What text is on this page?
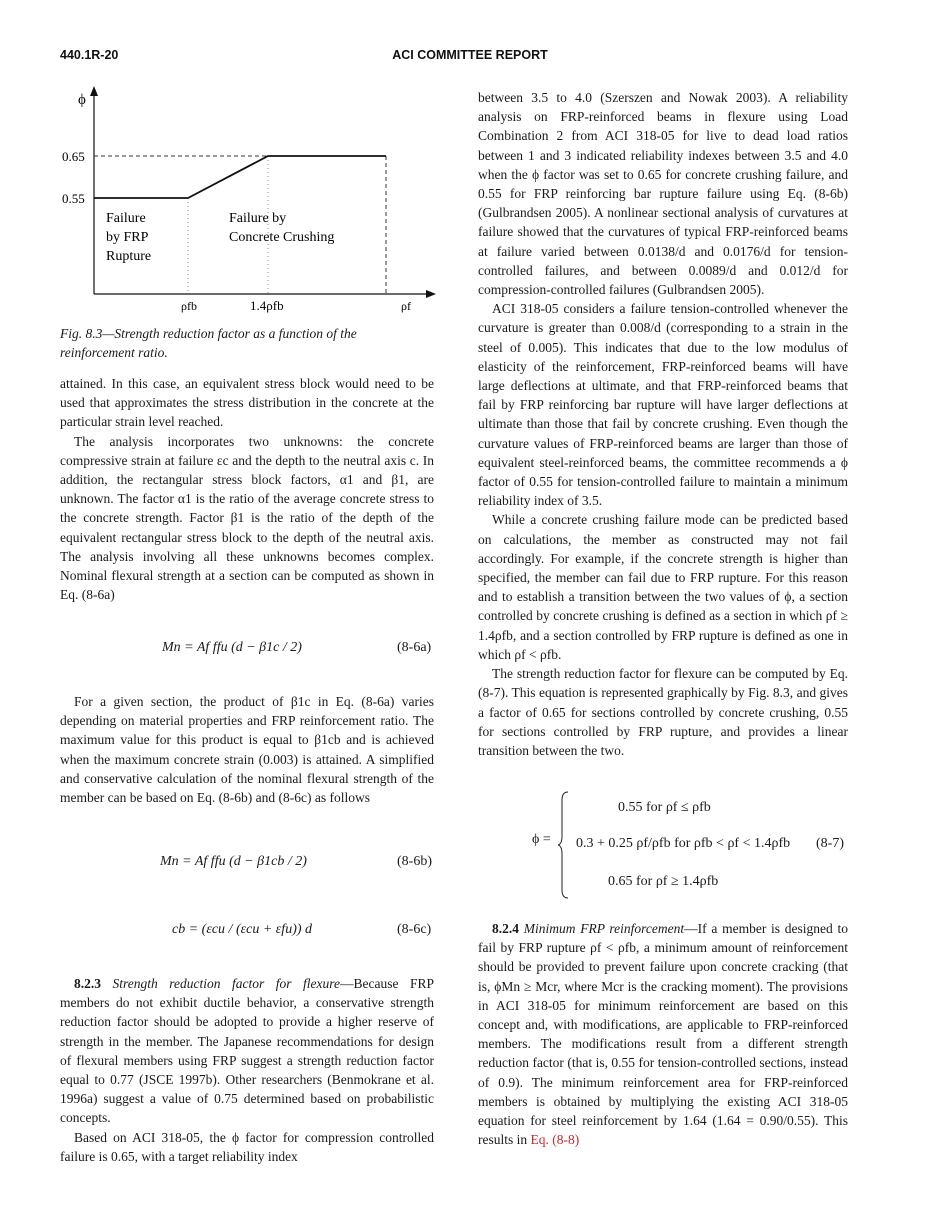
440.1R-20	ACI COMMITTEE REPORT
ϕ
0.65
0.55
Failure
by FRP
Rupture
Failure by
Concrete Crushing
ρfb	1.4ρfb	ρf
Fig. 8.3—Strength reduction factor as a function of the reinforcement ratio.

attained. In this case, an equivalent stress block would need to be used that approximates the stress distribution in the concrete at the particular strain level reached.

The analysis incorporates two unknowns: the concrete compressive strain at failure εc and the depth to the neutral axis c. In addition, the rectangular stress block factors, α1 and β1, are unknown. The factor α1 is the ratio of the average concrete stress to the concrete strength. Factor β1 is the ratio of the depth of the equivalent rectangular stress block to the depth of the neutral axis. The analysis involving all these unknowns becomes complex. Nominal flexural strength at a section can be computed as shown in Eq. (8-6a)

Mn = Af ffu (d − β1c / 2)	(8-6a)

For a given section, the product of β1c in Eq. (8-6a) varies depending on material properties and FRP reinforcement ratio. The maximum value for this product is equal to β1cb and is achieved when the maximum concrete strain (0.003) is attained. A simplified and conservative calculation of the nominal flexural strength of the member can be based on Eq. (8-6b) and (8-6c) as follows

Mn = Af ffu (d − β1cb / 2)	(8-6b)
cb = (εcu / (εcu + εfu)) d	(8-6c)

8.2.3 Strength reduction factor for flexure—Because FRP members do not exhibit ductile behavior, a conservative strength reduction factor should be adopted to provide a higher reserve of strength in the member. The Japanese recommendations for design of flexural members using FRP suggest a strength reduction factor equal to 0.77 (JSCE 1997b). Other researchers (Benmokrane et al. 1996a) suggest a value of 0.75 determined based on probabilistic concepts.

Based on ACI 318-05, the ϕ factor for compression controlled failure is 0.65, with a target reliability index

between 3.5 to 4.0 (Szerszen and Nowak 2003). A reliability analysis on FRP-reinforced beams in flexure using Load Combination 2 from ACI 318-05 for live to dead load ratios between 1 and 3 indicated reliability indexes between 3.5 and 4.0 when the ϕ factor was set to 0.65 for concrete crushing failure, and 0.55 for FRP reinforcing bar rupture failure using Eq. (8-6b) (Gulbrandsen 2005). A nonlinear sectional analysis of curvatures at failure showed that the curvatures of typical FRP-reinforced beams at failure varied between 0.0138/d and 0.0176/d for tension-controlled failures, and between 0.0089/d and 0.012/d for compression-controlled failures (Gulbrandsen 2005).

ACI 318-05 considers a failure tension-controlled whenever the curvature is greater than 0.008/d (corresponding to a strain in the steel of 0.005). This indicates that due to the low modulus of elasticity of the reinforcement, FRP-reinforced beams will have large deflections at ultimate, and that FRP-reinforced beams that fail by FRP reinforcing bar rupture will have larger deflections at ultimate than those that fail by concrete crushing. Even though the curvature values of FRP-reinforced beams are larger than those of equivalent steel-reinforced beams, the committee recommends a ϕ factor of 0.55 for tension-controlled failure to maintain a minimum reliability index of 3.5.

While a concrete crushing failure mode can be predicted based on calculations, the member as constructed may not fail accordingly. For example, if the concrete strength is higher than specified, the member can fail due to FRP rupture. For this reason and to establish a transition between the two values of ϕ, a section controlled by concrete crushing is defined as a section in which ρf ≥ 1.4ρfb, and a section controlled by FRP rupture is defined as one in which ρf < ρfb.

The strength reduction factor for flexure can be computed by Eq. (8-7). This equation is represented graphically by Fig. 8.3, and gives a factor of 0.65 for sections controlled by concrete crushing, 0.55 for sections controlled by FRP rupture, and provides a linear transition between the two.

ϕ =
0.55 for ρf ≤ ρfb
0.3 + 0.25 ρf/ρfb for ρfb < ρf < 1.4ρfb
0.65 for ρf ≥ 1.4ρfb
(8-7)

8.2.4 Minimum FRP reinforcement—If a member is designed to fail by FRP rupture ρf < ρfb, a minimum amount of reinforcement should be provided to prevent failure upon concrete cracking (that is, ϕMn ≥ Mcr, where Mcr is the cracking moment). The provisions in ACI 318-05 for minimum reinforcement are based on this concept and, with modifications, are applicable to FRP-reinforced members. The modifications result from a different strength reduction factor (that is, 0.55 for tension-controlled sections, instead of 0.9). The minimum reinforcement area for FRP-reinforced members is obtained by multiplying the existing ACI 318-05 equation for steel reinforcement by 1.64 (1.64 = 0.90/0.55). This results in Eq. (8-8)
